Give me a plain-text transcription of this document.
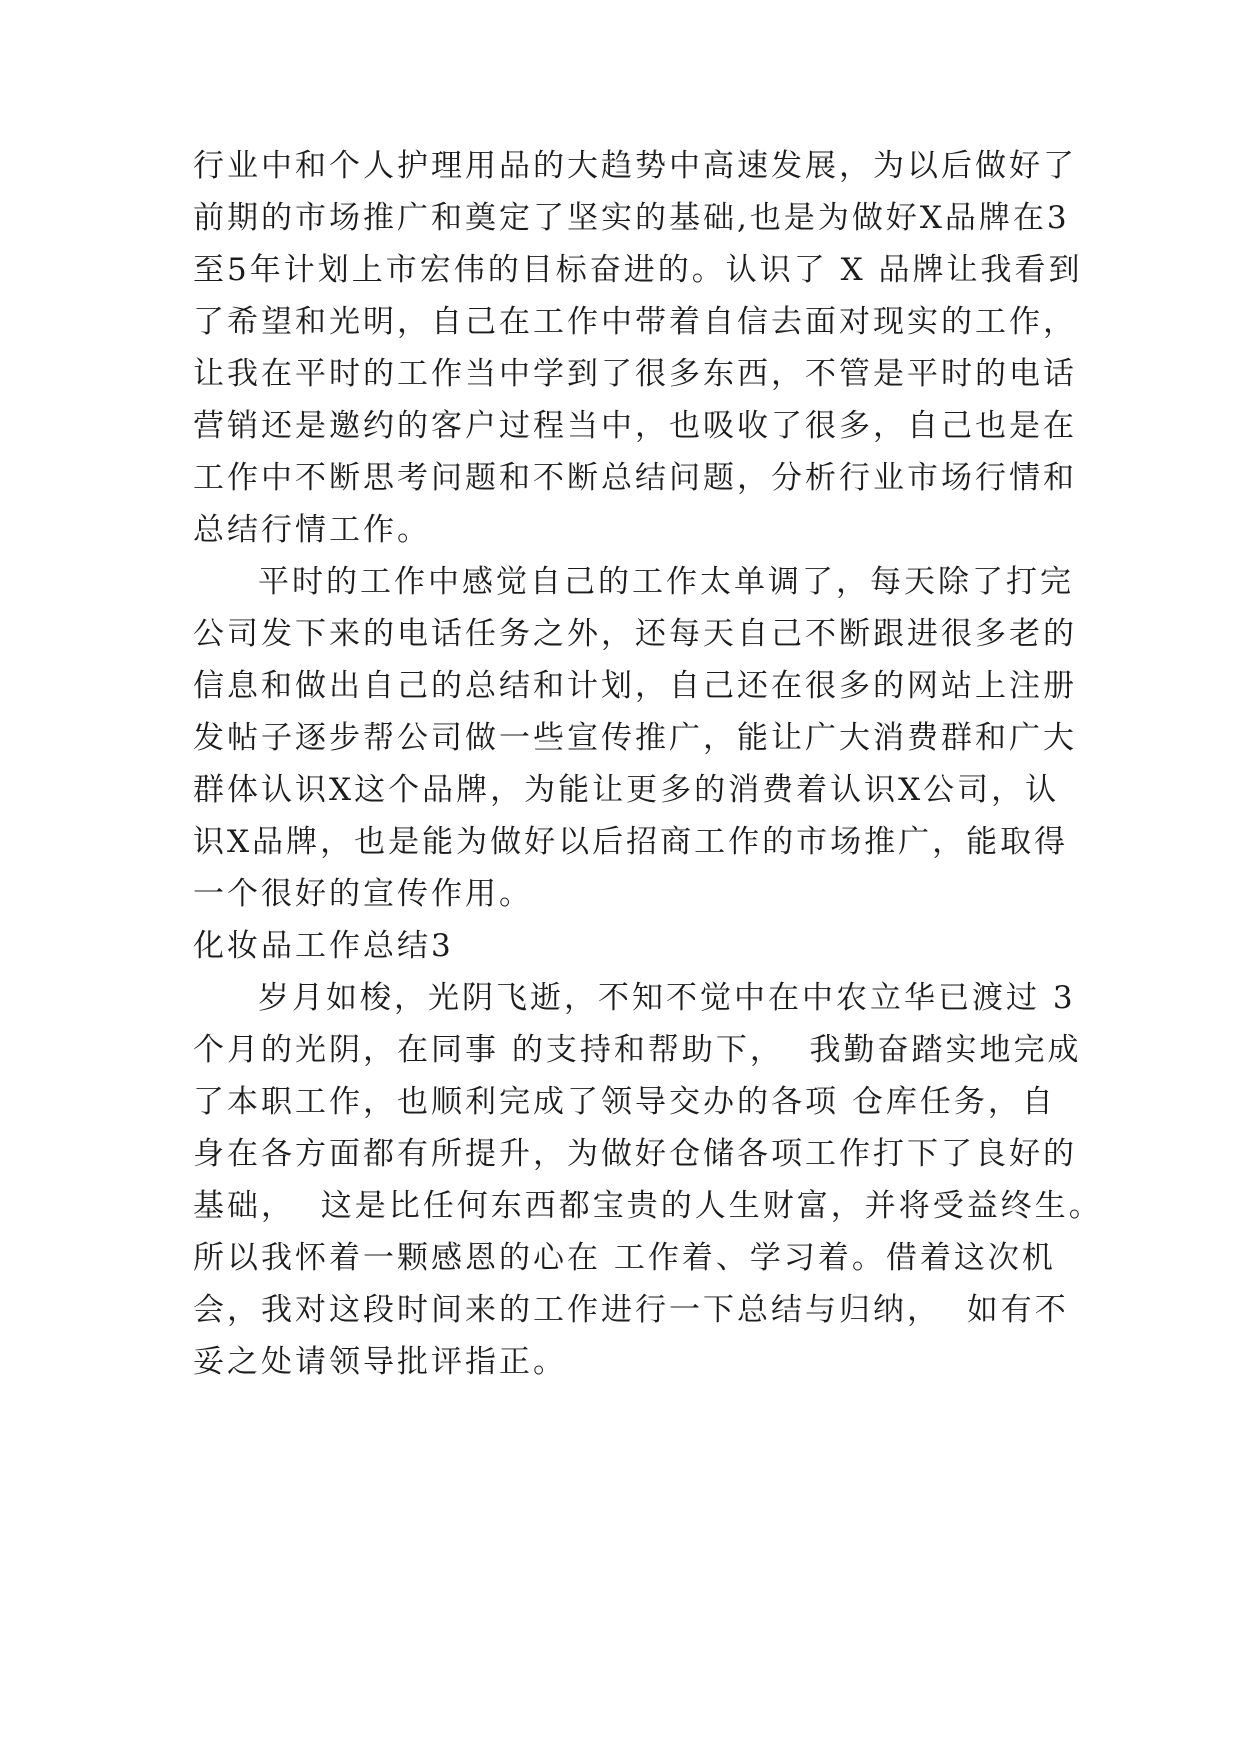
行业中和个人护理用品的大趋势中高速发展，为以后做好了
前期的市场推广和奠定了坚实的基础,也是为做好X品牌在3
至5年计划上市宏伟的目标奋进的。认识了 X 品牌让我看到
了希望和光明，自己在工作中带着自信去面对现实的工作，
让我在平时的工作当中学到了很多东西，不管是平时的电话
营销还是邀约的客户过程当中，也吸收了很多，自己也是在
工作中不断思考问题和不断总结问题，分析行业市场行情和
总结行情工作。
平时的工作中感觉自己的工作太单调了，每天除了打完
公司发下来的电话任务之外，还每天自己不断跟进很多老的
信息和做出自己的总结和计划，自己还在很多的网站上注册
发帖子逐步帮公司做一些宣传推广，能让广大消费群和广大
群体认识X这个品牌，为能让更多的消费着认识X公司，认
识X品牌，也是能为做好以后招商工作的市场推广，能取得
一个很好的宣传作用。
化妆品工作总结3
岁月如梭，光阴飞逝，不知不觉中在中农立华已渡过 3
个月的光阴，在同事 的支持和帮助下，  我勤奋踏实地完成
了本职工作，也顺利完成了领导交办的各项 仓库任务，自
身在各方面都有所提升，为做好仓储各项工作打下了良好的
基础，  这是比任何东西都宝贵的人生财富，并将受益终生。
所以我怀着一颗感恩的心在 工作着、学习着。借着这次机
会，我对这段时间来的工作进行一下总结与归纳，  如有不
妥之处请领导批评指正。
